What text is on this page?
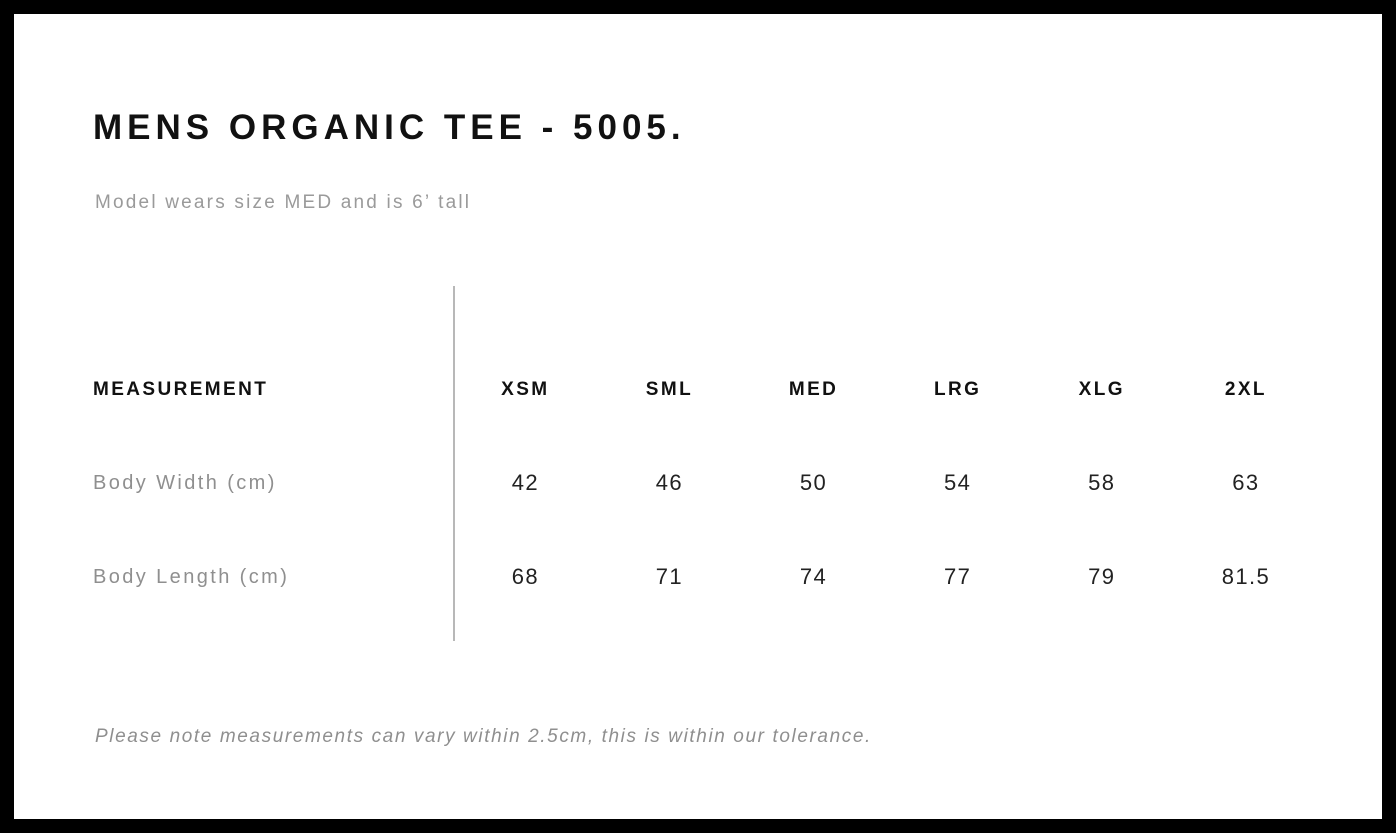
MENS ORGANIC TEE - 5005.
Model wears size MED and is 6’ tall
MEASUREMENT	XSM	SML	MED	LRG	XLG	2XL
Body Width (cm)	42	46	50	54	58	63
Body Length (cm)	68	71	74	77	79	81.5
Please note measurements can vary within 2.5cm, this is within our tolerance.
